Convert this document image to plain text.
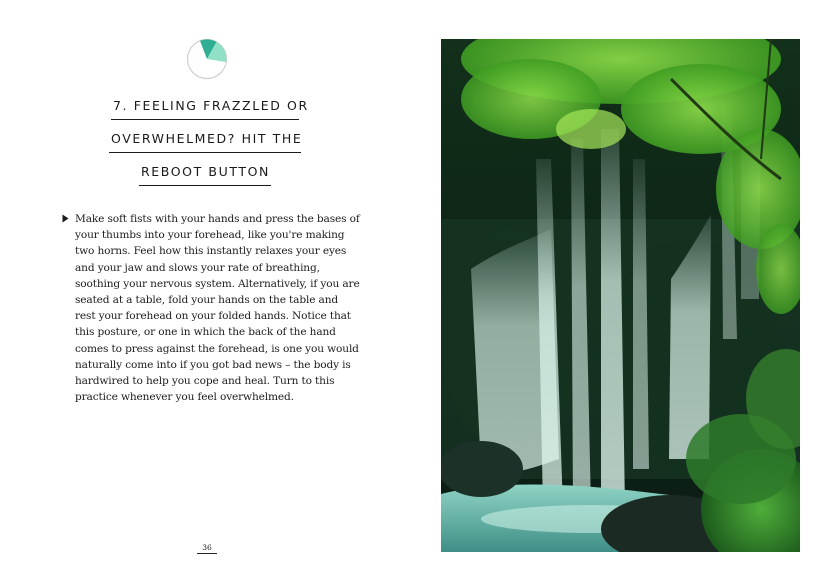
7. FEELING FRAZZLED OR
OVERWHELMED? HIT THE
REBOOT BUTTON

Make soft fists with your hands and press the bases of your thumbs into your forehead, like you're making two horns. Feel how this instantly relaxes your eyes and your jaw and slows your rate of breathing, soothing your nervous system. Alternatively, if you are seated at a table, fold your hands on the table and rest your forehead on your folded hands. Notice that this posture, or one in which the back of the hand comes to press against the forehead, is one you would naturally come into if you got bad news – the body is hardwired to help you cope and heal. Turn to this practice whenever you feel overwhelmed.

36
